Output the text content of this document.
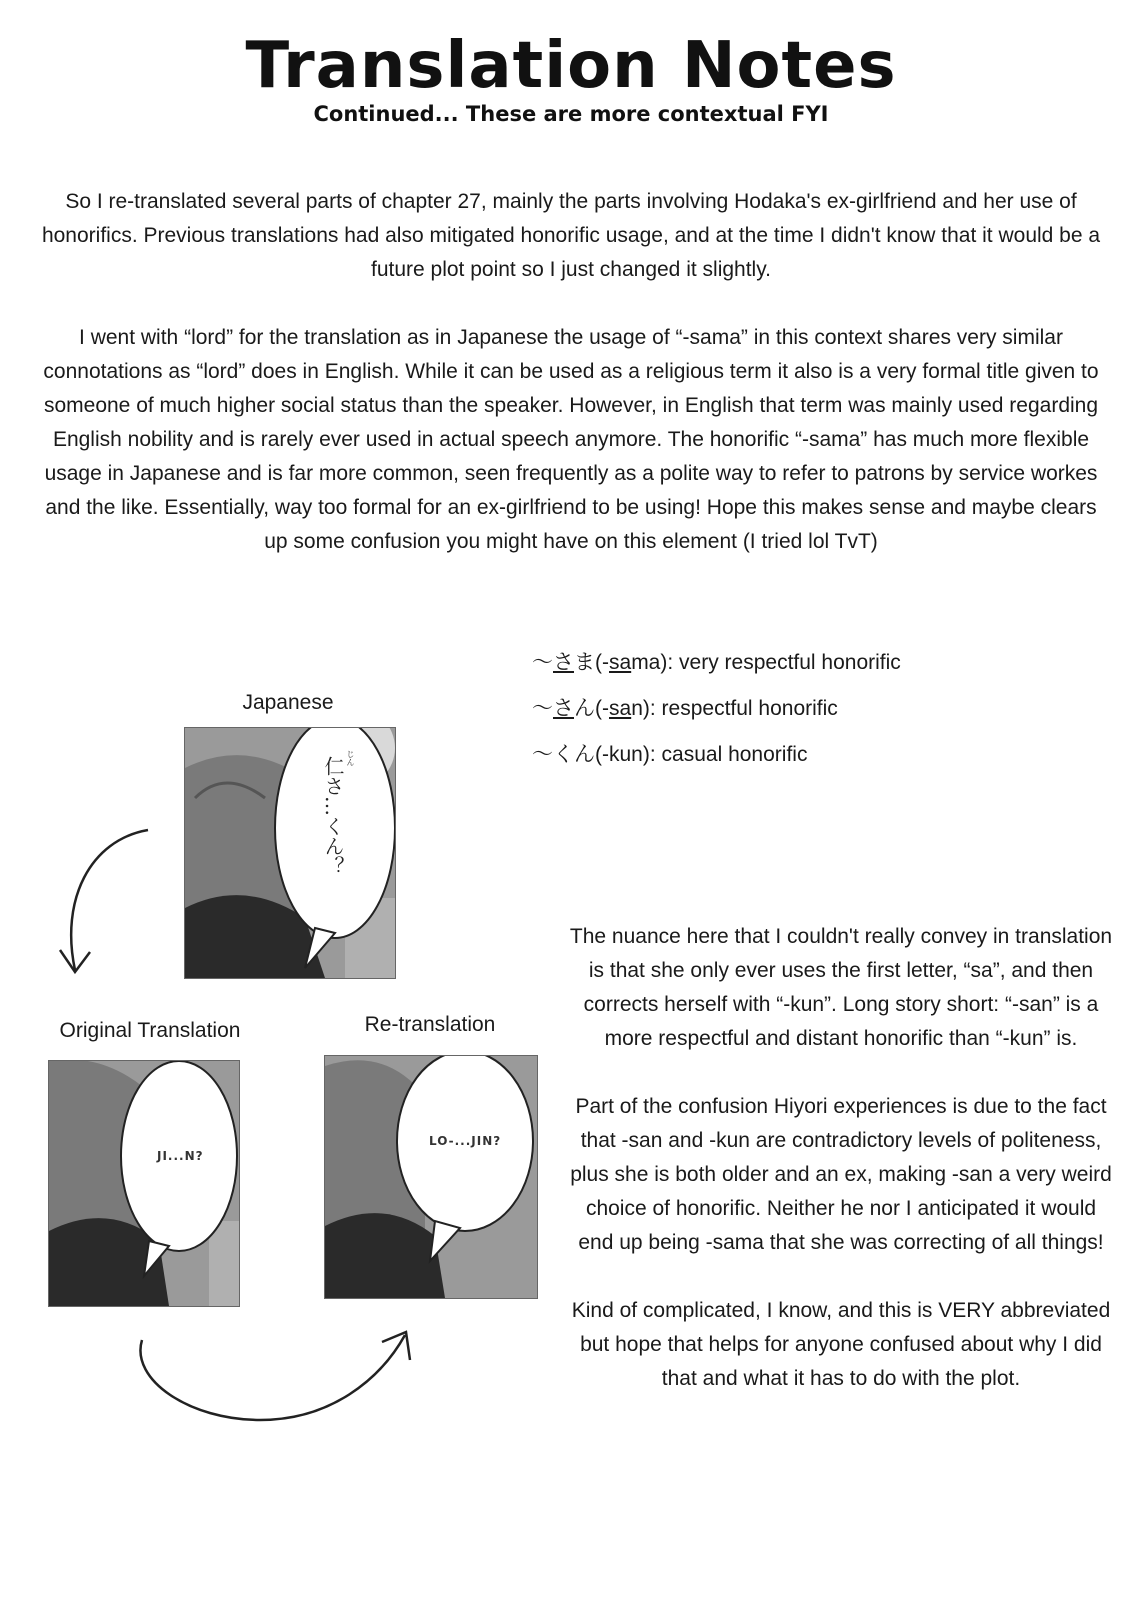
Translation Notes
Continued... These are more contextual FYI
So I re-translated several parts of chapter 27, mainly the parts involving Hodaka's ex-girlfriend and her use of honorifics. Previous translations had also mitigated honorific usage, and at the time I didn't know that it would be a future plot point so I just changed it slightly.
I went with “lord” for the translation as in Japanese the usage of “-sama” in this context shares very similar connotations as “lord” does in English. While it can be used as a religious term it also is a very formal title given to someone of much higher social status than the speaker. However, in English that term was mainly used regarding English nobility and is rarely ever used in actual speech anymore. The honorific “-sama” has much more flexible usage in Japanese and is far more common, seen frequently as a polite way to refer to patrons by service workes and the like. Essentially, way too formal for an ex-girlfriend to be using! Hope this makes sense and maybe clears up some confusion you might have on this element (I tried lol TvT)
～さま(-sama): very respectful honorific
～さん(-san): respectful honorific
～くん(-kun): casual honorific
Japanese
仁さ…くん？ じん
Original Translation
JI...N?
Re-translation
LO-...JIN?
The nuance here that I couldn't really convey in translation is that she only ever uses the first letter, “sa”, and then corrects herself with “-kun”. Long story short: “-san” is a more respectful and distant honorific than “-kun” is.
Part of the confusion Hiyori experiences is due to the fact that -san and -kun are contradictory levels of politeness, plus she is both older and an ex, making -san a very weird choice of honorific. Neither he nor I anticipated it would end up being -sama that she was correcting of all things!
Kind of complicated, I know, and this is VERY abbreviated but hope that helps for anyone confused about why I did that and what it has to do with the plot.
